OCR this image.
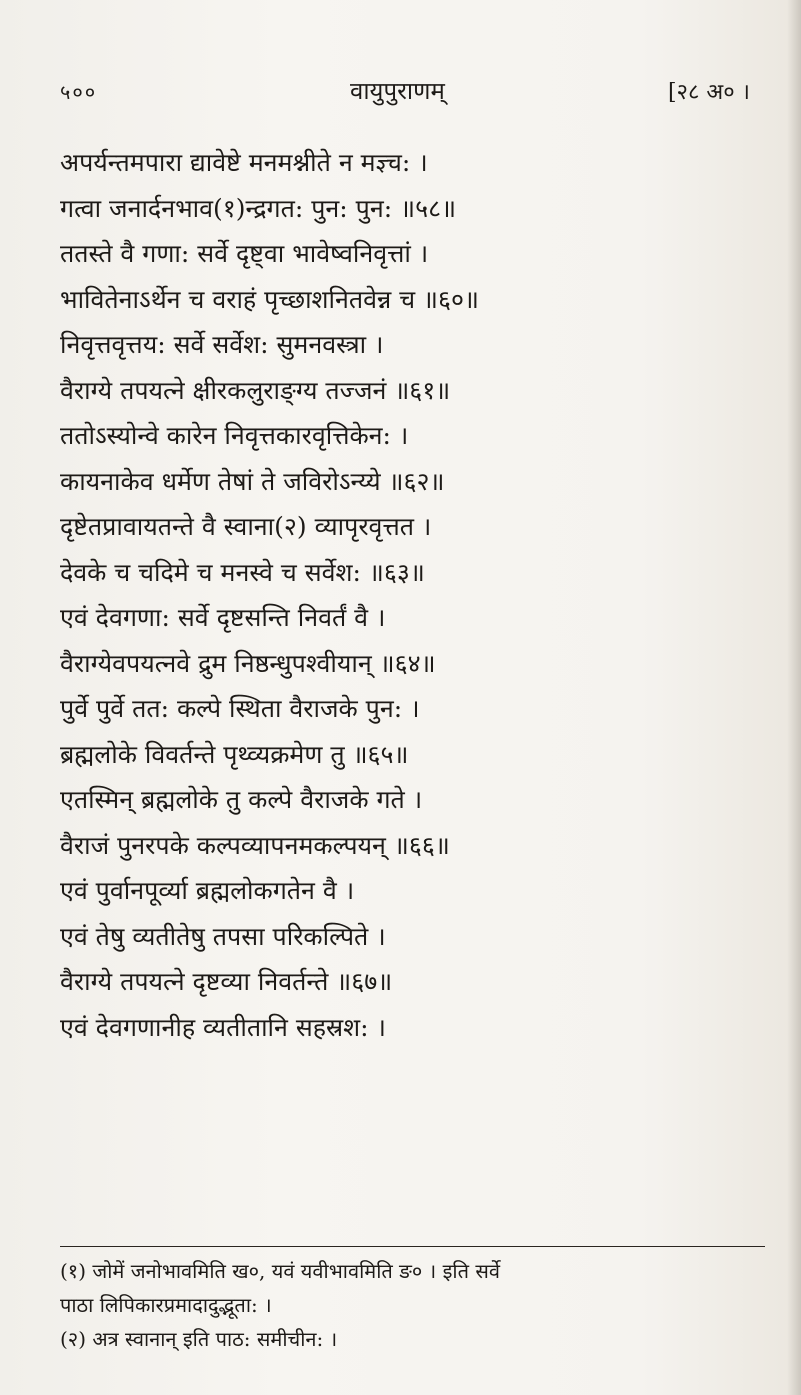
५००	वायुपुराणम्	[२८ अ० ।
अपर्यन्तमपारा द्यावेष्टे मनमश्नीते न मज्ञ्च: ।
गत्वा जनार्दनभाव(१)न्द्रगत: पुन: पुन: ॥५८॥
ततस्ते वै गणा: सर्वे दृष्ट्वा भावेष्वनिवृत्तां ।
भावितेनाऽर्थेन च वराहं पृच्छाशनितवेन्न च ॥६०॥
निवृत्तवृत्तय: सर्वे सर्वेश: सुमनवस्त्रा ।
वैराग्ये तपयत्ने क्षीरकलुराङ्ग्य तज्जनं ॥६१॥
ततोऽस्योन्वे कारेन निवृत्तकारवृत्तिकेन: ।
कायनाकेव धर्मेण तेषां ते जविरोऽन्य्ये ॥६२॥
दृष्टेतप्रावायतन्ते वै स्वाना(२) व्यापृरवृत्तत ।
देवके च चदिमे च मनस्वे च सर्वेश: ॥६३॥
एवं देवगणा: सर्वे दृष्टसन्ति निवर्तं वै ।
वैराग्येवपयत्नवे द्रुम निष्ठन्धुपश्वीयान् ॥६४॥
पुर्वे पुर्वे तत: कल्पे स्थिता वैराजके पुन: ।
ब्रह्मलोके विवर्तन्ते पृथ्व्यक्रमेण तु ॥६५॥
एतस्मिन् ब्रह्मलोके तु कल्पे वैराजके गते ।
वैराजं पुनरपके कल्पव्यापनमकल्पयन् ॥६६॥
एवं पुर्वानपूर्व्या ब्रह्मलोकगतेन वै ।
एवं तेषु व्यतीतेषु तपसा परिकल्पिते ।
वैराग्ये तपयत्ने दृष्टव्या निवर्तन्ते ॥६७॥
एवं देवगणानीह व्यतीतानि सहस्रश: ।
(१) जोमें जनोभावमिति ख०, यवं यवीभावमिति ङ० । इति सर्वे
पाठा लिपिकारप्रमादादुद्भूता: ।
(२) अत्र स्वानान् इति पाठ: समीचीन: ।
